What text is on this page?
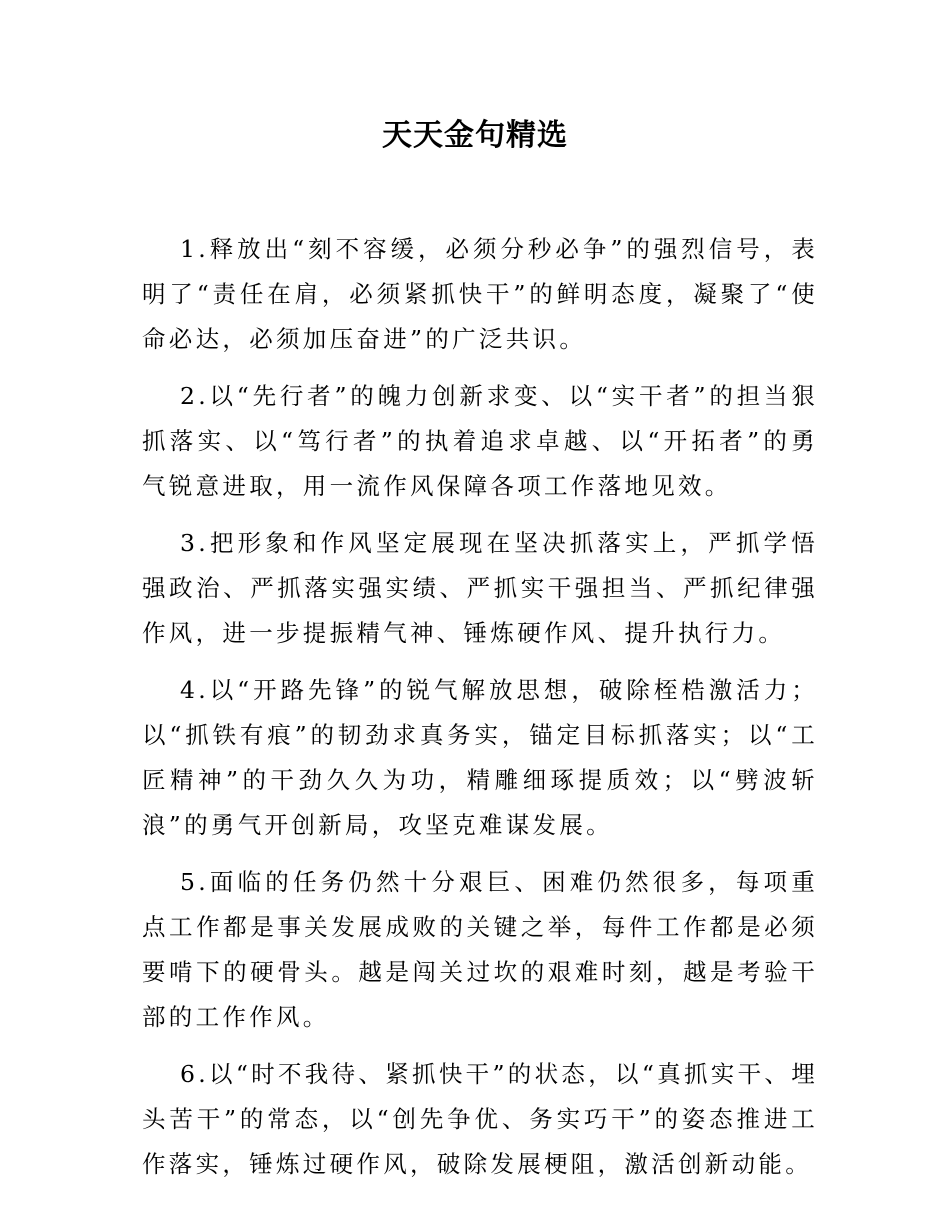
天天金句精选

1.释放出“刻不容缓，必须分秒必争”的强烈信号，表明了“责任在肩，必须紧抓快干”的鲜明态度，凝聚了“使命必达，必须加压奋进”的广泛共识。

2.以“先行者”的魄力创新求变、以“实干者”的担当狠抓落实、以“笃行者”的执着追求卓越、以“开拓者”的勇气锐意进取，用一流作风保障各项工作落地见效。

3.把形象和作风坚定展现在坚决抓落实上，严抓学悟强政治、严抓落实强实绩、严抓实干强担当、严抓纪律强作风，进一步提振精气神、锤炼硬作风、提升执行力。

4.以“开路先锋”的锐气解放思想，破除桎梏激活力；以“抓铁有痕”的韧劲求真务实，锚定目标抓落实；以“工匠精神”的干劲久久为功，精雕细琢提质效；以“劈波斩浪”的勇气开创新局，攻坚克难谋发展。

5.面临的任务仍然十分艰巨、困难仍然很多，每项重点工作都是事关发展成败的关键之举，每件工作都是必须要啃下的硬骨头。越是闯关过坎的艰难时刻，越是考验干部的工作作风。

6.以“时不我待、紧抓快干”的状态，以“真抓实干、埋头苦干”的常态，以“创先争优、务实巧干”的姿态推进工作落实，锤炼过硬作风，破除发展梗阻，激活创新动能。
